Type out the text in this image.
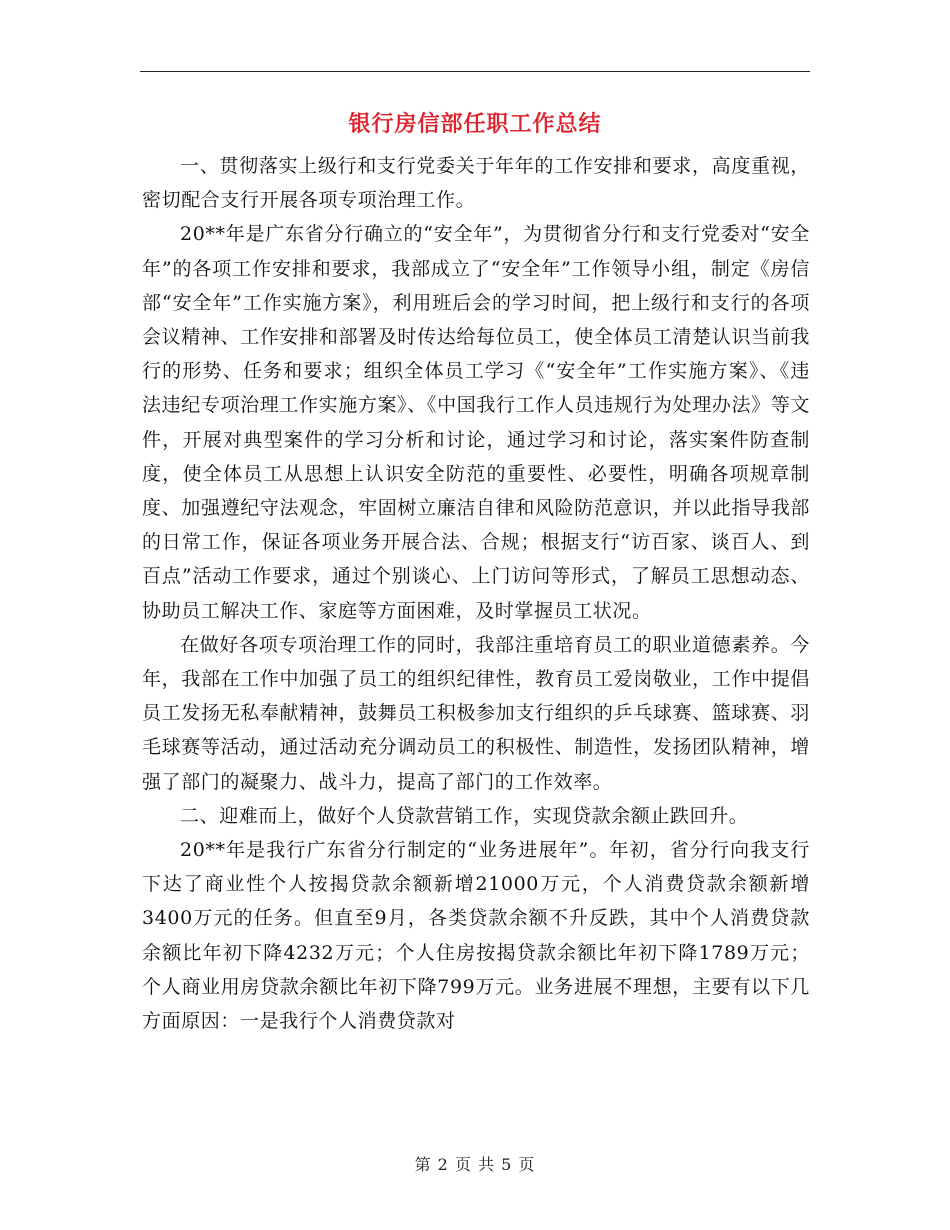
银行房信部任职工作总结

一、贯彻落实上级行和支行党委关于年年的工作安排和要求，高度重视，密切配合支行开展各项专项治理工作。

20**年是广东省分行确立的“安全年”，为贯彻省分行和支行党委对“安全年”的各项工作安排和要求，我部成立了“安全年”工作领导小组，制定《房信部“安全年”工作实施方案》，利用班后会的学习时间，把上级行和支行的各项会议精神、工作安排和部署及时传达给每位员工，使全体员工清楚认识当前我行的形势、任务和要求；组织全体员工学习《“安全年”工作实施方案》、《违法违纪专项治理工作实施方案》、《中国我行工作人员违规行为处理办法》等文件，开展对典型案件的学习分析和讨论，通过学习和讨论，落实案件防查制度，使全体员工从思想上认识安全防范的重要性、必要性，明确各项规章制度、加强遵纪守法观念，牢固树立廉洁自律和风险防范意识，并以此指导我部的日常工作，保证各项业务开展合法、合规；根据支行“访百家、谈百人、到百点”活动工作要求，通过个别谈心、上门访问等形式，了解员工思想动态、协助员工解决工作、家庭等方面困难，及时掌握员工状况。

在做好各项专项治理工作的同时，我部注重培育员工的职业道德素养。今年，我部在工作中加强了员工的组织纪律性，教育员工爱岗敬业，工作中提倡员工发扬无私奉献精神，鼓舞员工积极参加支行组织的乒乓球赛、篮球赛、羽毛球赛等活动，通过活动充分调动员工的积极性、制造性，发扬团队精神，增强了部门的凝聚力、战斗力，提高了部门的工作效率。

二、迎难而上，做好个人贷款营销工作，实现贷款余额止跌回升。

20**年是我行广东省分行制定的“业务进展年”。年初，省分行向我支行下达了商业性个人按揭贷款余额新增21000万元，个人消费贷款余额新增3400万元的任务。但直至9月，各类贷款余额不升反跌，其中个人消费贷款余额比年初下降4232万元；个人住房按揭贷款余额比年初下降1789万元；个人商业用房贷款余额比年初下降799万元。业务进展不理想，主要有以下几方面原因：一是我行个人消费贷款对

第 2 页 共 5 页
